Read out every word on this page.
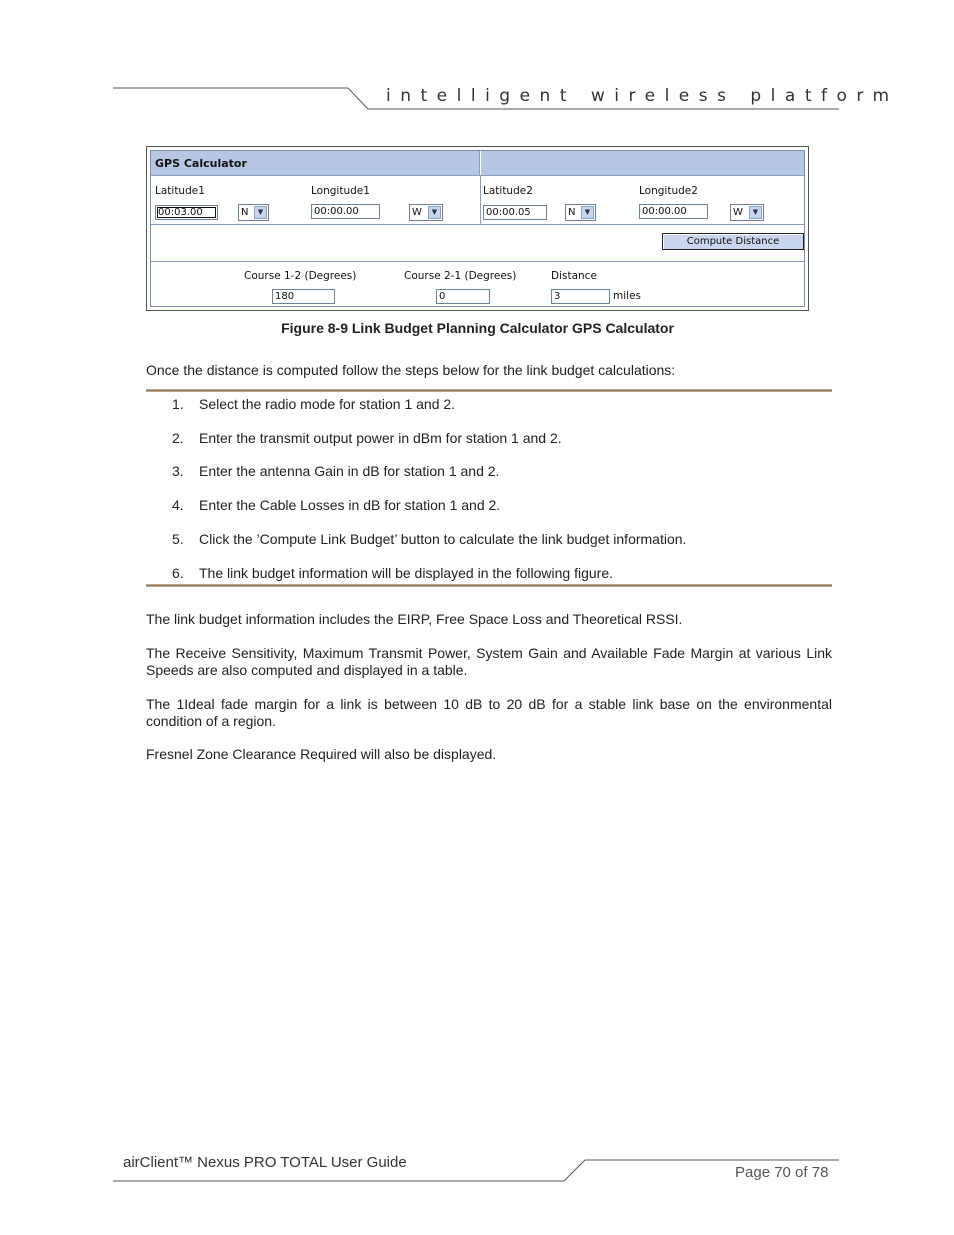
intelligent wireless platform
GPS Calculator
Latitude1
00:03.00	N	▼
Longitude1
00:00.00	W	▼
Latitude2
00:00.05	N	▼
Longitude2
00:00.00	W	▼
Compute Distance
Course 1-2 (Degrees)
180
Course 2-1 (Degrees)
0
Distance
3	miles
Figure 8-9 Link Budget Planning Calculator GPS Calculator
Once the distance is computed follow the steps below for the link budget calculations:
1. Select the radio mode for station 1 and 2.
2. Enter the transmit output power in dBm for station 1 and 2.
3. Enter the antenna Gain in dB for station 1 and 2.
4. Enter the Cable Losses in dB for station 1 and 2.
5. Click the ’Compute Link Budget’ button to calculate the link budget information.
6. The link budget information will be displayed in the following figure.
The link budget information includes the EIRP, Free Space Loss and Theoretical RSSI.
The Receive Sensitivity, Maximum Transmit Power, System Gain and Available Fade Margin at various Link Speeds are also computed and displayed in a table.
The 1Ideal fade margin for a link is between 10 dB to 20 dB for a stable link base on the environmental condition of a region.
Fresnel Zone Clearance Required will also be displayed.
airClient™ Nexus PRO TOTAL User Guide
Page 70 of 78
